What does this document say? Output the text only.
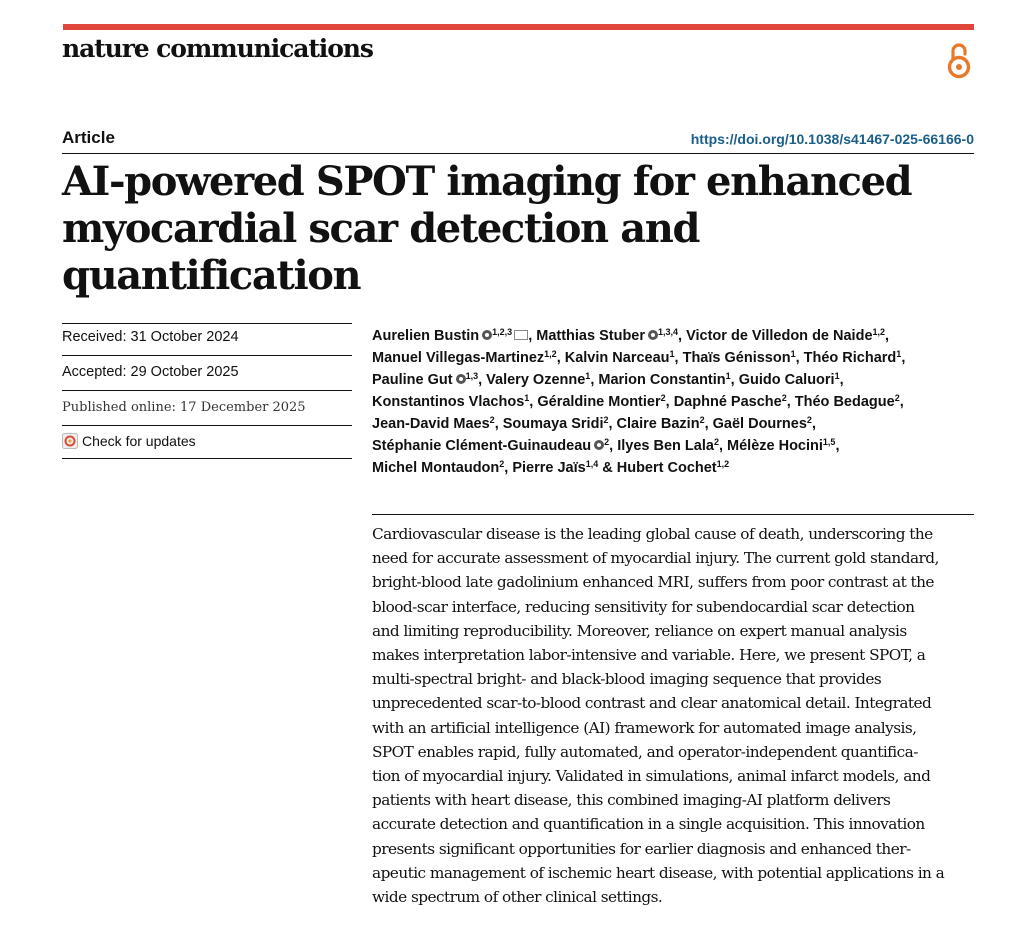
nature communications
Article	https://doi.org/10.1038/s41467-025-66166-0
AI-powered SPOT imaging for enhanced
myocardial scar detection and quantification
Received: 31 October 2024
Accepted: 29 October 2025
Published online: 17 December 2025
Check for updates
Aurelien Bustin $^{1,2,3}$ , Matthias Stuber $^{1,3,4}$, Victor de Villedon de Naide$^{1,2}$,
Manuel Villegas-Martinez$^{1,2}$, Kalvin Narceau$^1$, Thaïs Génisson$^1$, Théo Richard$^1$,
Pauline Gut $^{1,3}$, Valery Ozenne$^1$, Marion Constantin$^1$, Guido Caluori$^1$,
Konstantinos Vlachos$^1$, Géraldine Montier$^2$, Daphné Pasche$^2$, Théo Bedague$^2$,
Jean-David Maes$^2$, Soumaya Sridi$^2$, Claire Bazin$^2$, Gaël Dournes$^2$,
Stéphanie Clément-Guinaudeau $^2$, Ilyes Ben Lala$^2$, Mélèze Hocini$^{1,5}$,
Michel Montaudon$^2$, Pierre Jaïs$^{1,4}$ & Hubert Cochet$^{1,2}$
Cardiovascular disease is the leading global cause of death, underscoring the
need for accurate assessment of myocardial injury. The current gold standard,
bright-blood late gadolinium enhanced MRI, suffers from poor contrast at the
blood-scar interface, reducing sensitivity for subendocardial scar detection
and limiting reproducibility. Moreover, reliance on expert manual analysis
makes interpretation labor-intensive and variable. Here, we present SPOT, a
multi-spectral bright- and black-blood imaging sequence that provides
unprecedented scar-to-blood contrast and clear anatomical detail. Integrated
with an artificial intelligence (AI) framework for automated image analysis,
SPOT enables rapid, fully automated, and operator-independent quantifica-
tion of myocardial injury. Validated in simulations, animal infarct models, and
patients with heart disease, this combined imaging-AI platform delivers
accurate detection and quantification in a single acquisition. This innovation
presents significant opportunities for earlier diagnosis and enhanced ther-
apeutic management of ischemic heart disease, with potential applications in a
wide spectrum of other clinical settings.
